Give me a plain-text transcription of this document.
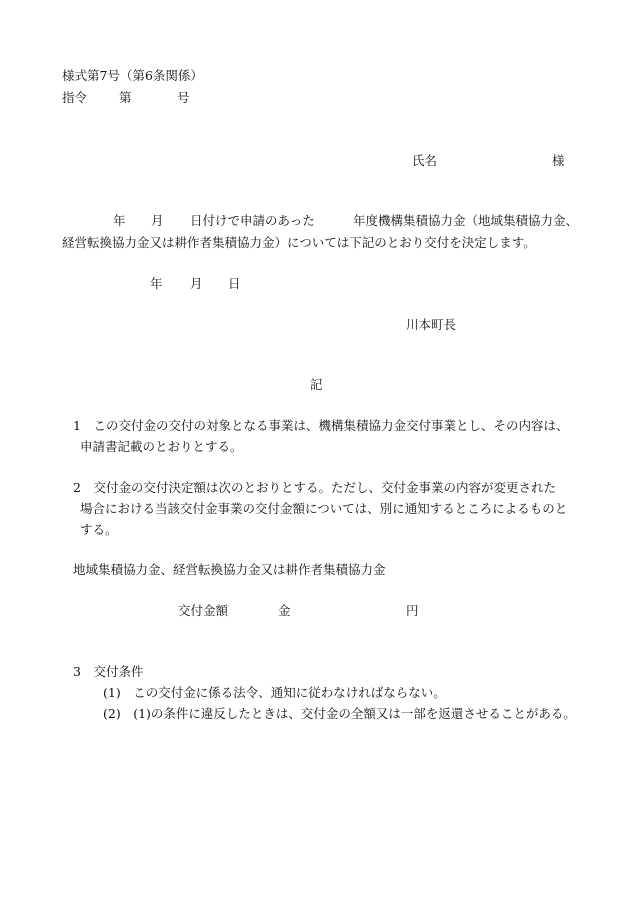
様式第7号（第6条関係）
指令	第	号
氏名	様
年 月 日付けで申請のあった	年度機構集積協力金（地域集積協力金、
経営転換協力金又は耕作者集積協力金）については下記のとおり交付を決定します。
年 月 日
川本町長
記
1　この交付金の交付の対象となる事業は、機構集積協力金交付事業とし、その内容は、
申請書記載のとおりとする。
2　交付金の交付決定額は次のとおりとする。ただし、交付金事業の内容が変更された
場合における当該交付金事業の交付金額については、別に通知するところによるものと
する。
地域集積協力金、経営転換協力金又は耕作者集積協力金
交付金額	金	円
3　交付条件
(1)　この交付金に係る法令、通知に従わなければならない。
(2)　(1)の条件に違反したときは、交付金の全額又は一部を返還させることがある。
